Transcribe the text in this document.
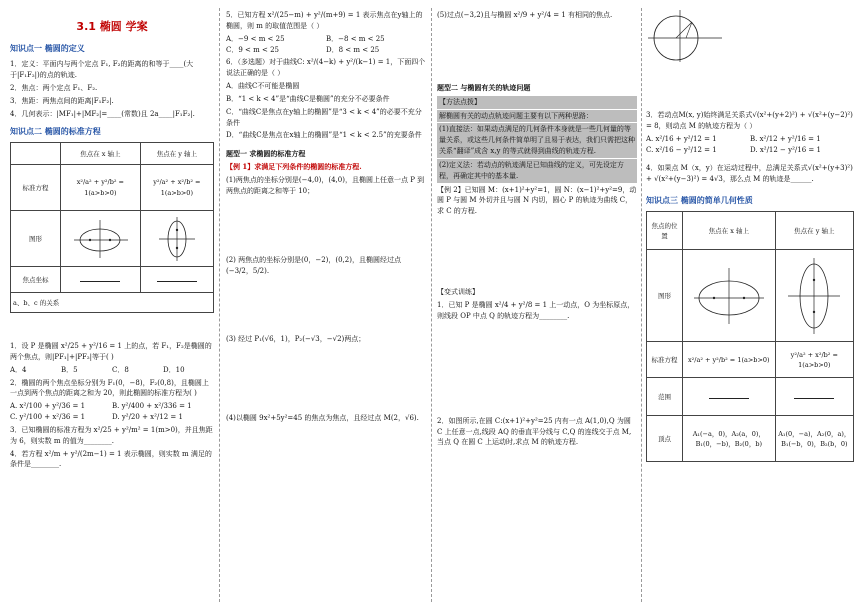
3.1 椭圆 学案
知识点一 椭圆的定义
1．定义：平面内与两个定点 F₁, F₂的距离的和等于____(大于|F₁F₂|)的点的轨迹.
2．焦点：两个定点 F₁、F₂.
3．焦距：两焦点间的距离|F₁F₂|.
4．几何表示：|MF₁|+|MF₂|=____(常数)且 2a____|F₁F₂|.
知识点二 椭圆的标准方程
	焦点在 x 轴上	焦点在 y 轴上
标准方程	x²/a² + y²/b² = 1(a>b>0)	y²/a² + x²/b² = 1(a>b>0)
图形	

焦点坐标		
a、b、c 的关系		
1．设 P 是椭圆 x²/25 + y²/16 = 1 上的点，若 F₁，F₂是椭圆的两个焦点，则|PF₁|+|PF₂|等于( )
A．4	B．5	C．8	D．10
2．椭圆的两个焦点坐标分别为 F₁(0，−8)，F₂(0,8)，且椭圆上一点到两个焦点的距离之和为 20，则此椭圆的标准方程为( )
A. x²/100 + y²/36 = 1	B. y²/400 + x²/336 = 1
C. y²/100 + x²/36 = 1	D. y²/20 + x²/12 = 1
3．已知椭圆的标准方程为 x²/25 + y²/m² = 1(m>0)，并且焦距为 6，则实数 m 的值为________.
4．若方程 x²/m + y²/(2m−1) = 1 表示椭圆，则实数 m 满足的条件是________.
5．已知方程 x²/(25−m) + y²/(m+9) = 1 表示焦点在y轴上的椭圆，则 m 的取值范围是（ ）
A．−9 < m < 25	B．−8 < m < 25
C．9 < m < 25	D．8 < m < 25
6．（多选题）对于曲线C: x²/(4−k) + y²/(k−1) = 1，下面四个说法正确的是（ ）
A．曲线C不可能是椭圆
B．“1 < k < 4”是“曲线C是椭圆”的充分不必要条件
C．“曲线C是焦点在y轴上的椭圆”是“3 < k < 4”的必要不充分条件
D．“曲线C是焦点在x轴上的椭圆”是“1 < k < 2.5”的充要条件
题型一 求椭圆的标准方程
【例 1】求满足下列条件的椭圆的标准方程.
(1)两焦点的坐标分别是(−4,0)，(4,0)，且椭圆上任意一点 P 到两焦点的距离之和等于 10；
(2) 两焦点的坐标分别是(0，−2)，(0,2)，且椭圆经过点(−3/2，5/2).
(3) 经过 P₁(√6，1)，P₂(−√3，−√2)两点；
(4)以椭圆 9x²+5y²=45 的焦点为焦点，且经过点 M(2，√6).
(5)过点(−3,2)且与椭圆 x²/9 + y²/4 = 1 有相同的焦点.
题型二 与椭圆有关的轨迹问题
【方法点拨】
解椭圆有关的动点轨迹问题主要有以下两种思路：
(1)直接法：如果动点满足的几何条件本身就是一些几何量的等量关系，或这些几何条件简单明了且易于表达，我们只需把这种关系“翻译”成含 x,y 的等式就得到曲线的轨迹方程.
(2)定义法：若动点的轨迹满足已知曲线的定义，可先设定方程，再确定其中的基本量.
【例 2】已知圆 M：(x+1)²+y²=1，圆 N：(x−1)²+y²=9，动圆 P 与圆 M 外切并且与圆 N 内切，圆心 P 的轨迹为曲线 C，求 C 的方程.
【变式训练】
1．已知 P 是椭圆 x²/4 + y²/8 = 1 上一动点，O 为坐标原点，则线段 OP 中点 Q 的轨迹方程为________.
2．如图所示,在圆 C:(x+1)²+y²=25 内有一点 A(1,0),Q 为圆 C 上任意一点,线段 AQ 的垂直平分线与 C,Q 的连线交于点 M,当点 Q 在圆 C 上运动时,求点 M 的轨迹方程.
3．若动点M(x, y)始终满足关系式√(x²+(y+2)²) + √(x²+(y−2)²) = 8，则动点 M 的轨迹方程为（ ）
A. x²/16 + y²/12 = 1	B. x²/12 + y²/16 = 1
C. x²/16 − y²/12 = 1	D. x²/12 − y²/16 = 1
4．如果点 M（x，y）在运动过程中，总满足关系式√(x²+(y+3)²) + √(x²+(y−3)²) = 4√3，那么点 M 的轨迹是______.
知识点三 椭圆的简单几何性质
焦点的位置	焦点在 x 轴上	焦点在 y 轴上
图形	

标准方程	x²/a² + y²/b² = 1(a>b>0)	y²/a² + x²/b² = 1(a>b>0)
范围		
顶点	A₁(−a，0)，A₂(a，0)，B₁(0，−b)，B₂(0，b)	A₁(0，−a)，A₂(0，a)，B₁(−b，0)，B₂(b，0)
